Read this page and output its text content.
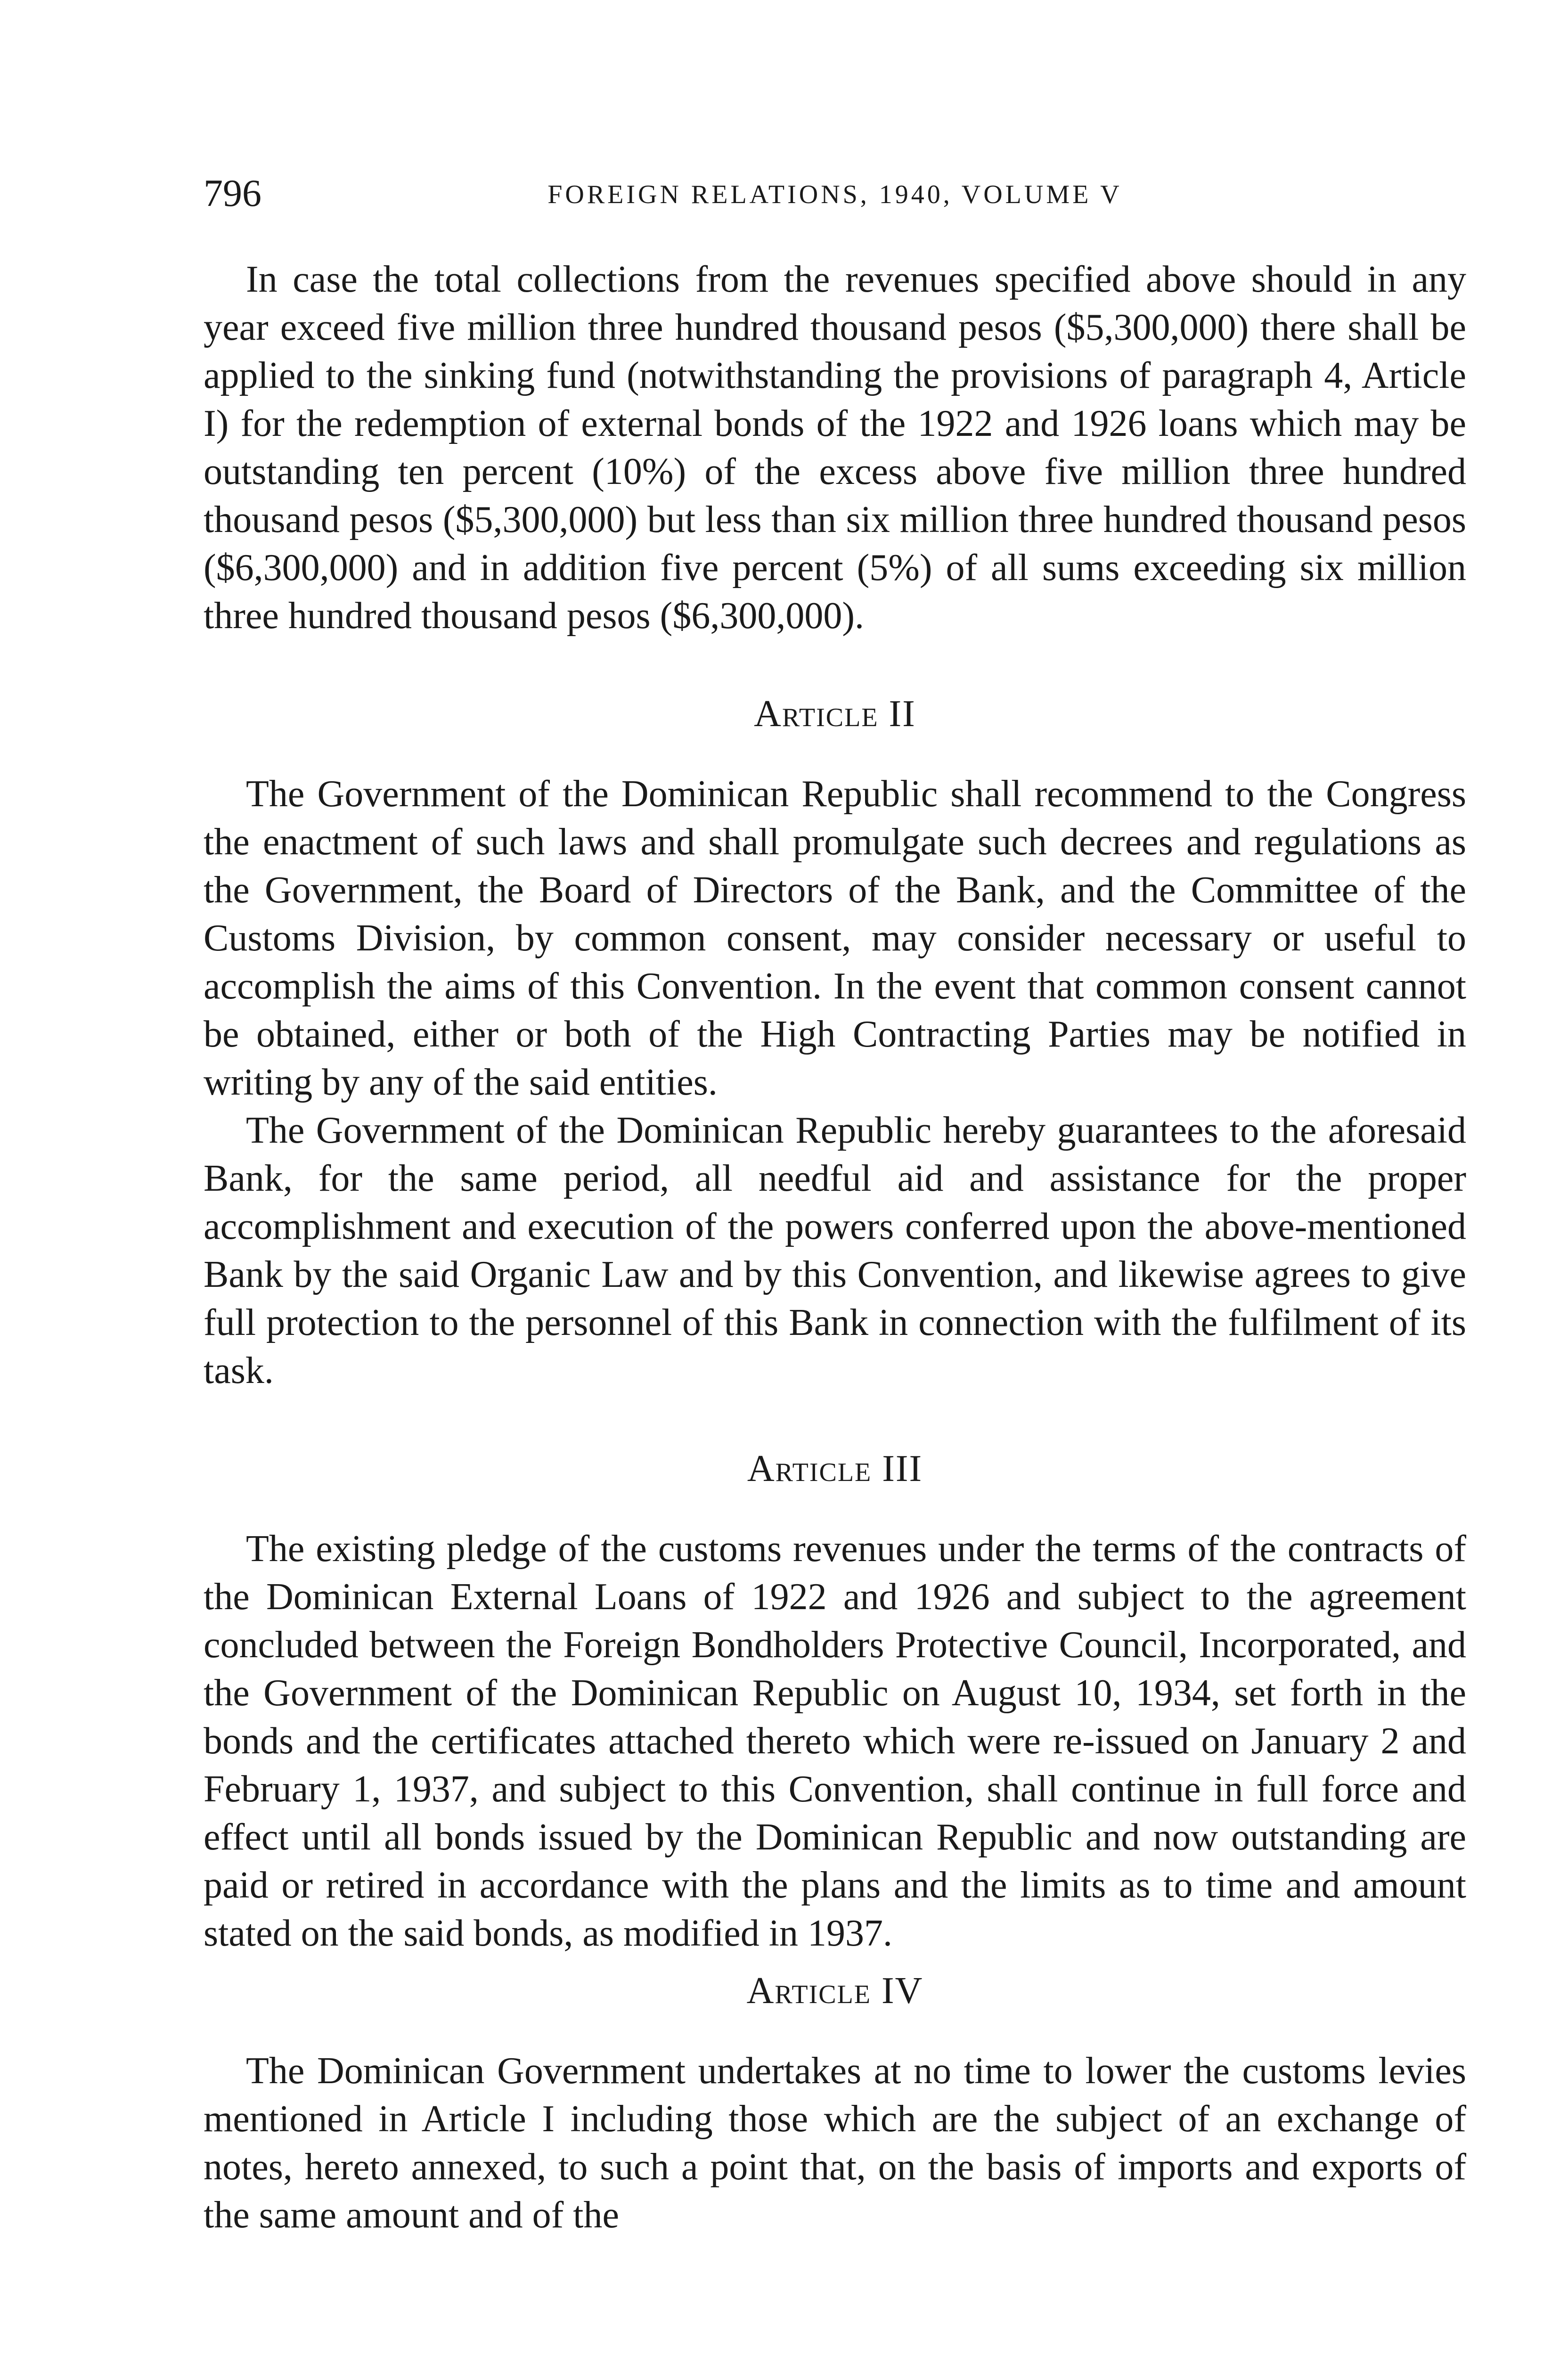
796	FOREIGN RELATIONS, 1940, VOLUME V

In case the total collections from the revenues specified above should in any year exceed five million three hundred thousand pesos ($5,300,000) there shall be applied to the sinking fund (notwithstanding the provisions of paragraph 4, Article I) for the redemption of external bonds of the 1922 and 1926 loans which may be outstanding ten percent (10%) of the excess above five million three hundred thousand pesos ($5,300,000) but less than six million three hundred thousand pesos ($6,300,000) and in addition five percent (5%) of all sums exceeding six million three hundred thousand pesos ($6,300,000).

Article II

The Government of the Dominican Republic shall recommend to the Congress the enactment of such laws and shall promulgate such decrees and regulations as the Government, the Board of Directors of the Bank, and the Committee of the Customs Division, by common consent, may consider necessary or useful to accomplish the aims of this Convention. In the event that common consent cannot be obtained, either or both of the High Contracting Parties may be notified in writing by any of the said entities.

The Government of the Dominican Republic hereby guarantees to the aforesaid Bank, for the same period, all needful aid and assistance for the proper accomplishment and execution of the powers conferred upon the above-mentioned Bank by the said Organic Law and by this Convention, and likewise agrees to give full protection to the personnel of this Bank in connection with the fulfilment of its task.

Article III

The existing pledge of the customs revenues under the terms of the contracts of the Dominican External Loans of 1922 and 1926 and subject to the agreement concluded between the Foreign Bondholders Protective Council, Incorporated, and the Government of the Dominican Republic on August 10, 1934, set forth in the bonds and the certificates attached thereto which were re-issued on January 2 and February 1, 1937, and subject to this Convention, shall continue in full force and effect until all bonds issued by the Dominican Republic and now outstanding are paid or retired in accordance with the plans and the limits as to time and amount stated on the said bonds, as modified in 1937.

Article IV

The Dominican Government undertakes at no time to lower the customs levies mentioned in Article I including those which are the subject of an exchange of notes, hereto annexed, to such a point that, on the basis of imports and exports of the same amount and of the
